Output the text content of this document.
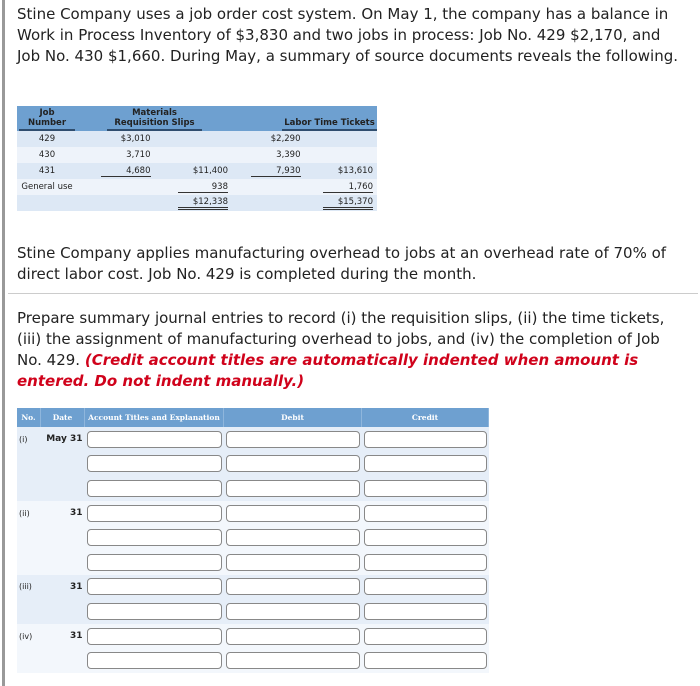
Stine Company uses a job order cost system. On May 1, the company has a balance in Work in Process Inventory of $3,830 and two jobs in process: Job No. 429 $2,170, and Job No. 430 $1,660. During May, a summary of source documents reveals the following.
Job Number	Materials Requisition Slips		Labor Time Tickets	

429	$3,010		$2,290	
430	3,710		3,390	
431	4,680	$11,400	7,930	$13,610
General use		938		1,760
		$12,338		$15,370
Stine Company applies manufacturing overhead to jobs at an overhead rate of 70% of direct labor cost. Job No. 429 is completed during the month.
Prepare summary journal entries to record (i) the requisition slips, (ii) the time tickets, (iii) the assignment of manufacturing overhead to jobs, and (iv) the completion of Job No. 429. (Credit account titles are automatically indented when amount is entered. Do not indent manually.)
No.	Date	Account Titles and Explanation	Debit	Credit
(i)	May 31			

(ii)	31			

(iii)	31			

(iv)	31			
